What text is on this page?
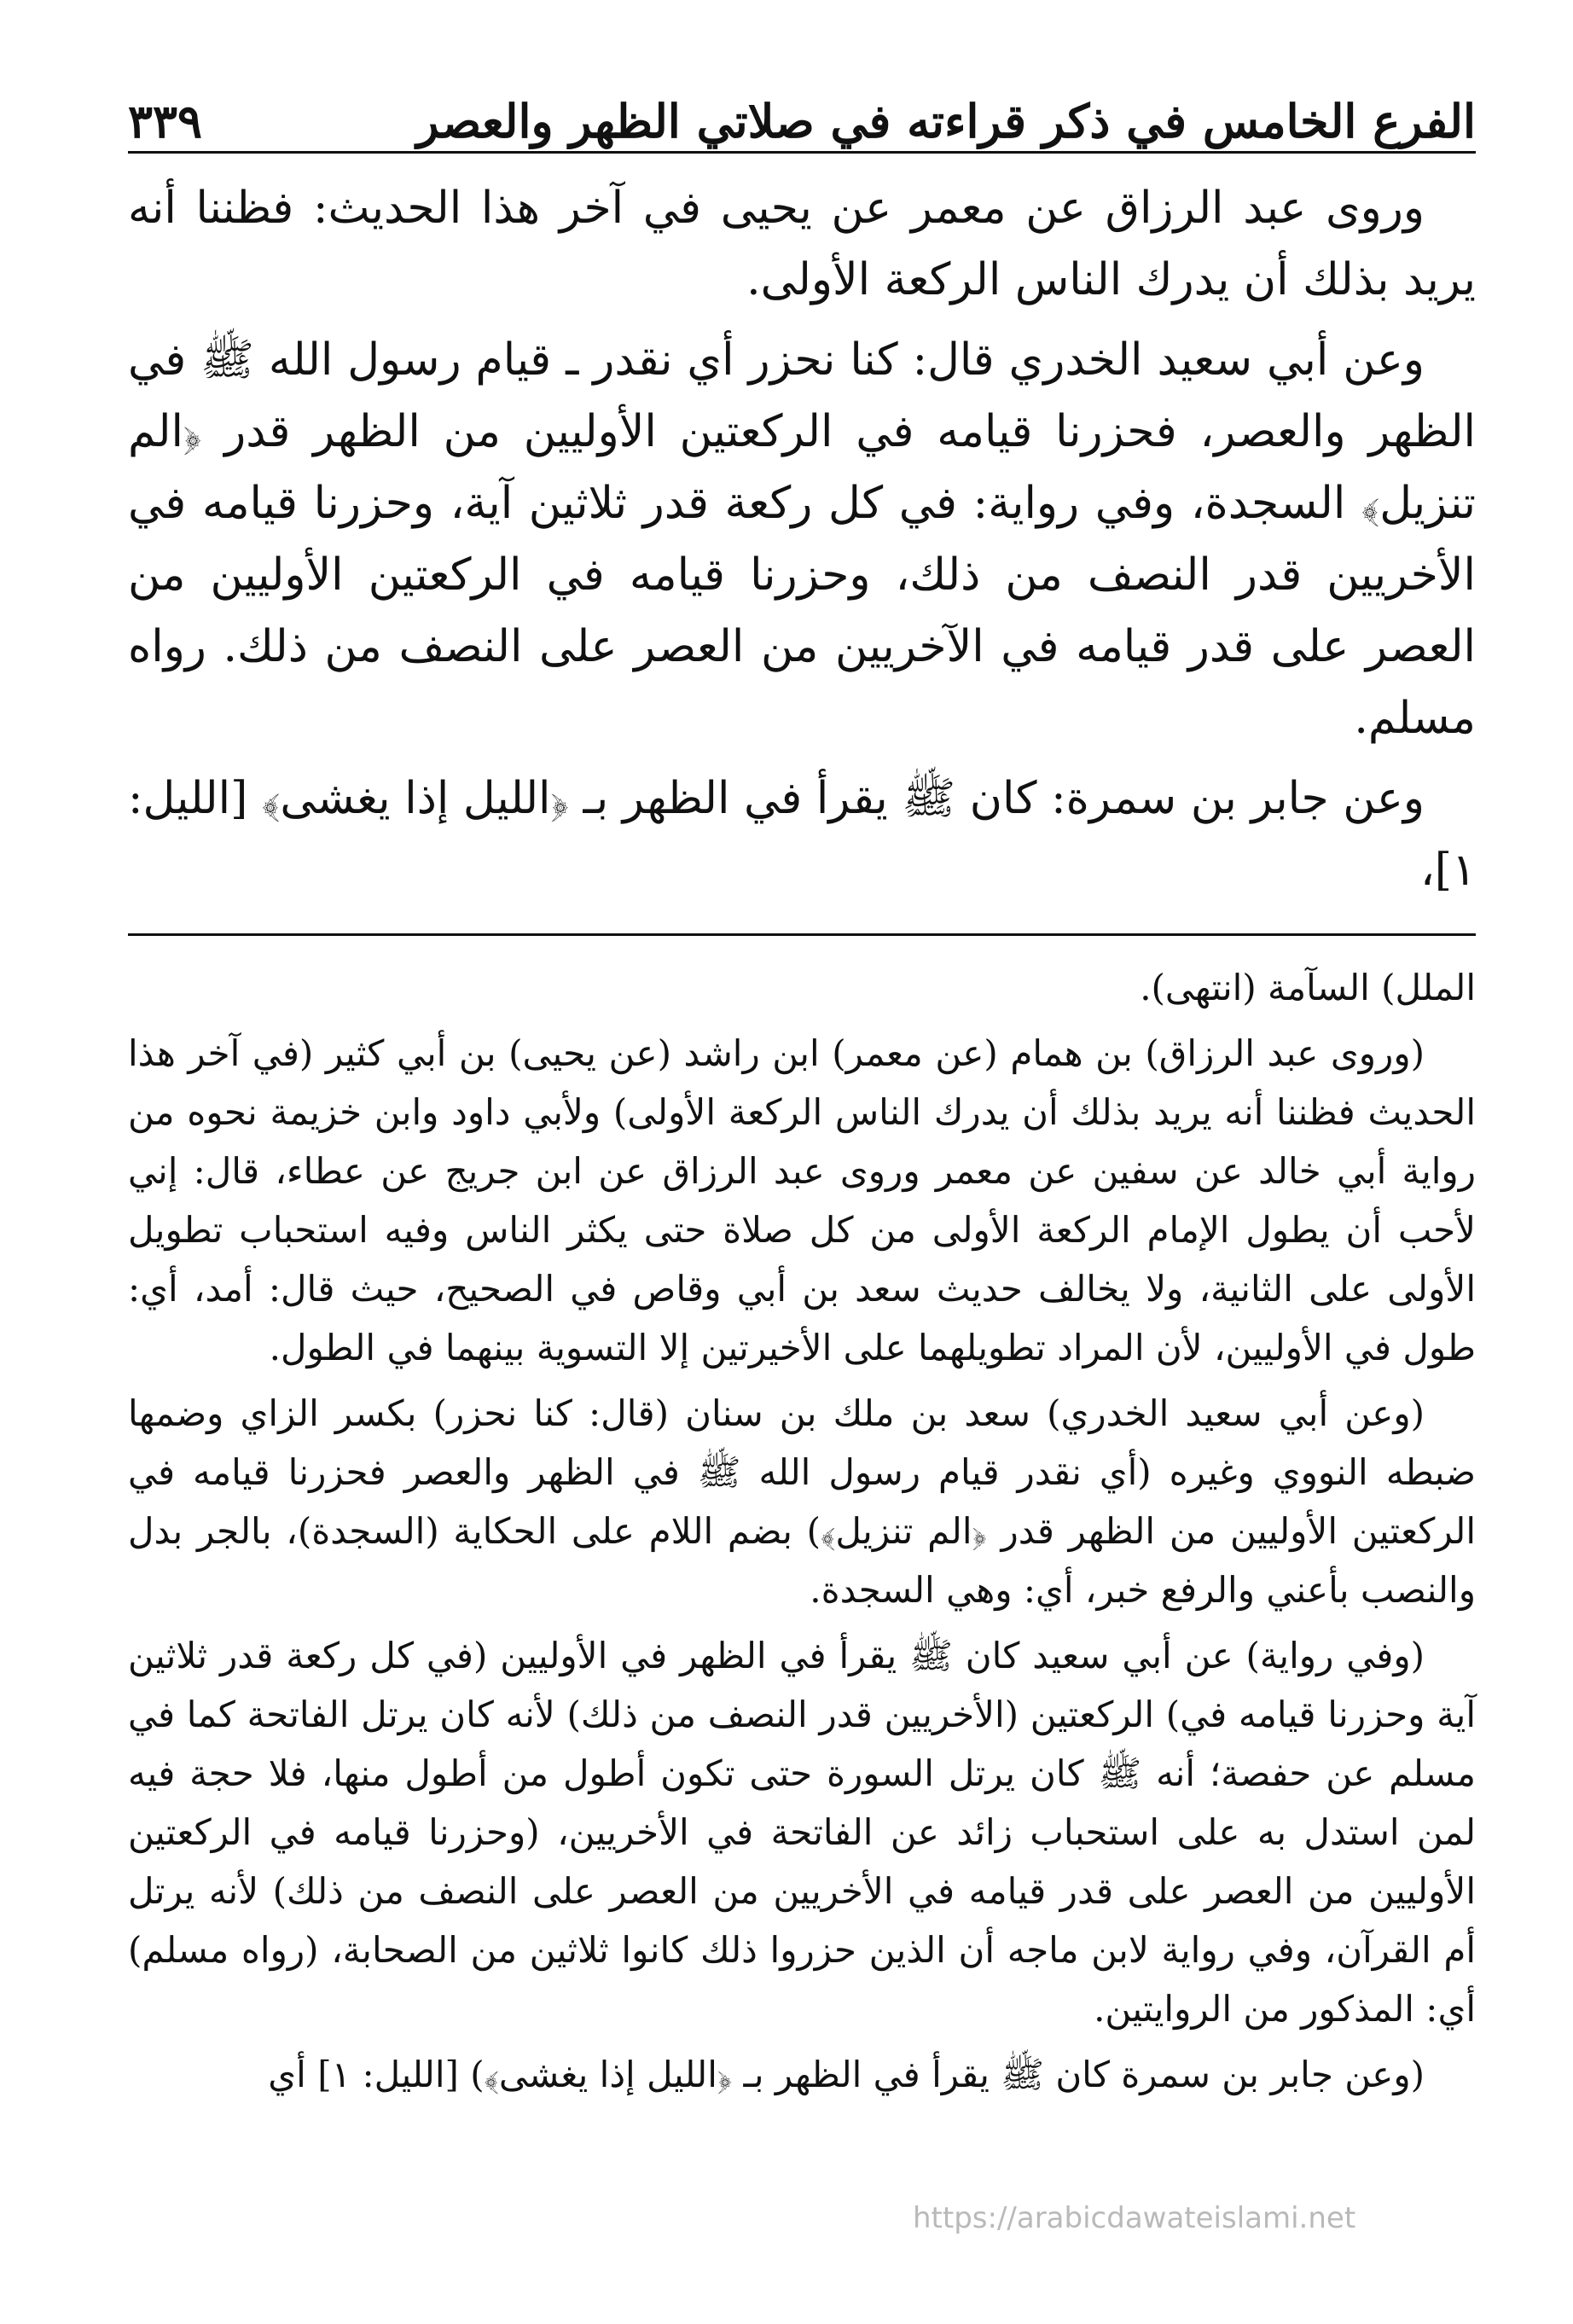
الفرع الخامس في ذكر قراءته في صلاتي الظهر والعصر
٣٣٩

وروى عبد الرزاق عن معمر عن يحيى في آخر هذا الحديث: فظننا أنه يريد بذلك أن يدرك الناس الركعة الأولى.

وعن أبي سعيد الخدري قال: كنا نحزر أي نقدر ـ قيام رسول الله ﷺ في الظهر والعصر، فحزرنا قيامه في الركعتين الأوليين من الظهر قدر ﴿الم تنزيل﴾ السجدة، وفي رواية: في كل ركعة قدر ثلاثين آية، وحزرنا قيامه في الأخريين قدر النصف من ذلك، وحزرنا قيامه في الركعتين الأوليين من العصر على قدر قيامه في الآخريين من العصر على النصف من ذلك. رواه مسلم.

وعن جابر بن سمرة: كان ﷺ يقرأ في الظهر بـ ﴿الليل إذا يغشى﴾ [الليل: ١]،

الملل) السآمة (انتهى).

(وروى عبد الرزاق) بن همام (عن معمر) ابن راشد (عن يحيى) بن أبي كثير (في آخر هذا الحديث فظننا أنه يريد بذلك أن يدرك الناس الركعة الأولى) ولأبي داود وابن خزيمة نحوه من رواية أبي خالد عن سفين عن معمر وروى عبد الرزاق عن ابن جريج عن عطاء، قال: إني لأحب أن يطول الإمام الركعة الأولى من كل صلاة حتى يكثر الناس وفيه استحباب تطويل الأولى على الثانية، ولا يخالف حديث سعد بن أبي وقاص في الصحيح، حيث قال: أمد، أي: طول في الأوليين، لأن المراد تطويلهما على الأخيرتين إلا التسوية بينهما في الطول.

(وعن أبي سعيد الخدري) سعد بن ملك بن سنان (قال: كنا نحزر) بكسر الزاي وضمها ضبطه النووي وغيره (أي نقدر قيام رسول الله ﷺ في الظهر والعصر فحزرنا قيامه في الركعتين الأوليين من الظهر قدر ﴿الم تنزيل﴾) بضم اللام على الحكاية (السجدة)، بالجر بدل والنصب بأعني والرفع خبر، أي: وهي السجدة.

(وفي رواية) عن أبي سعيد كان ﷺ يقرأ في الظهر في الأوليين (في كل ركعة قدر ثلاثين آية وحزرنا قيامه في) الركعتين (الأخريين قدر النصف من ذلك) لأنه كان يرتل الفاتحة كما في مسلم عن حفصة؛ أنه ﷺ كان يرتل السورة حتى تكون أطول من أطول منها، فلا حجة فيه لمن استدل به على استحباب زائد عن الفاتحة في الأخريين، (وحزرنا قيامه في الركعتين الأوليين من العصر على قدر قيامه في الأخريين من العصر على النصف من ذلك) لأنه يرتل أم القرآن، وفي رواية لابن ماجه أن الذين حزروا ذلك كانوا ثلاثين من الصحابة، (رواه مسلم) أي: المذكور من الروايتين.

(وعن جابر بن سمرة كان ﷺ يقرأ في الظهر بـ ﴿الليل إذا يغشى﴾) [الليل: ١] أي

https://arabicdawateislami.net
